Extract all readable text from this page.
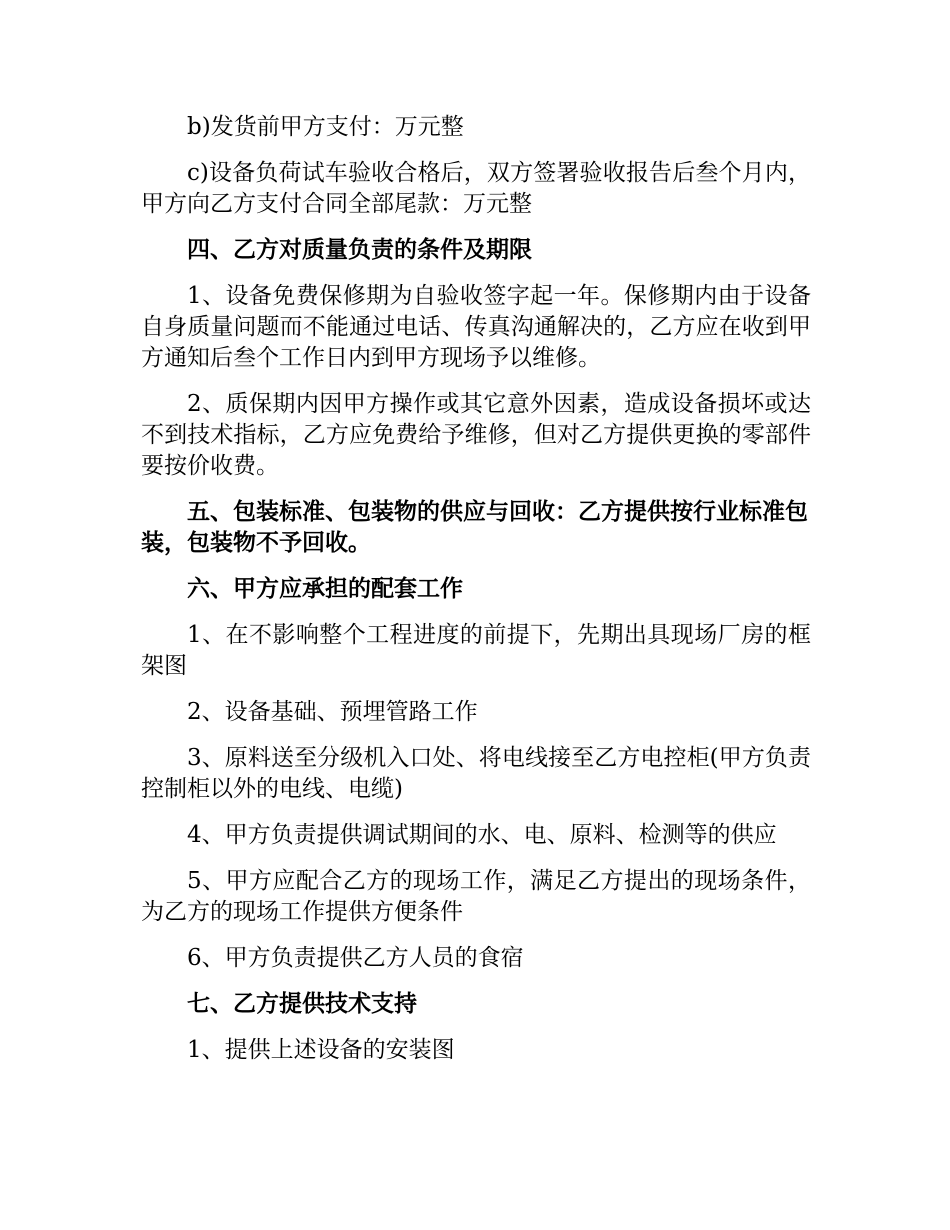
b)发货前甲方支付：万元整

c)设备负荷试车验收合格后，双方签署验收报告后叁个月内，甲方向乙方支付合同全部尾款：万元整

四、乙方对质量负责的条件及期限

1、设备免费保修期为自验收签字起一年。保修期内由于设备自身质量问题而不能通过电话、传真沟通解决的，乙方应在收到甲方通知后叁个工作日内到甲方现场予以维修。

2、质保期内因甲方操作或其它意外因素，造成设备损坏或达不到技术指标，乙方应免费给予维修，但对乙方提供更换的零部件要按价收费。

五、包装标准、包装物的供应与回收：乙方提供按行业标准包装，包装物不予回收。

六、甲方应承担的配套工作

1、在不影响整个工程进度的前提下，先期出具现场厂房的框架图

2、设备基础、预埋管路工作

3、原料送至分级机入口处、将电线接至乙方电控柜(甲方负责控制柜以外的电线、电缆)

4、甲方负责提供调试期间的水、电、原料、检测等的供应

5、甲方应配合乙方的现场工作，满足乙方提出的现场条件，为乙方的现场工作提供方便条件

6、甲方负责提供乙方人员的食宿

七、乙方提供技术支持

1、提供上述设备的安装图
